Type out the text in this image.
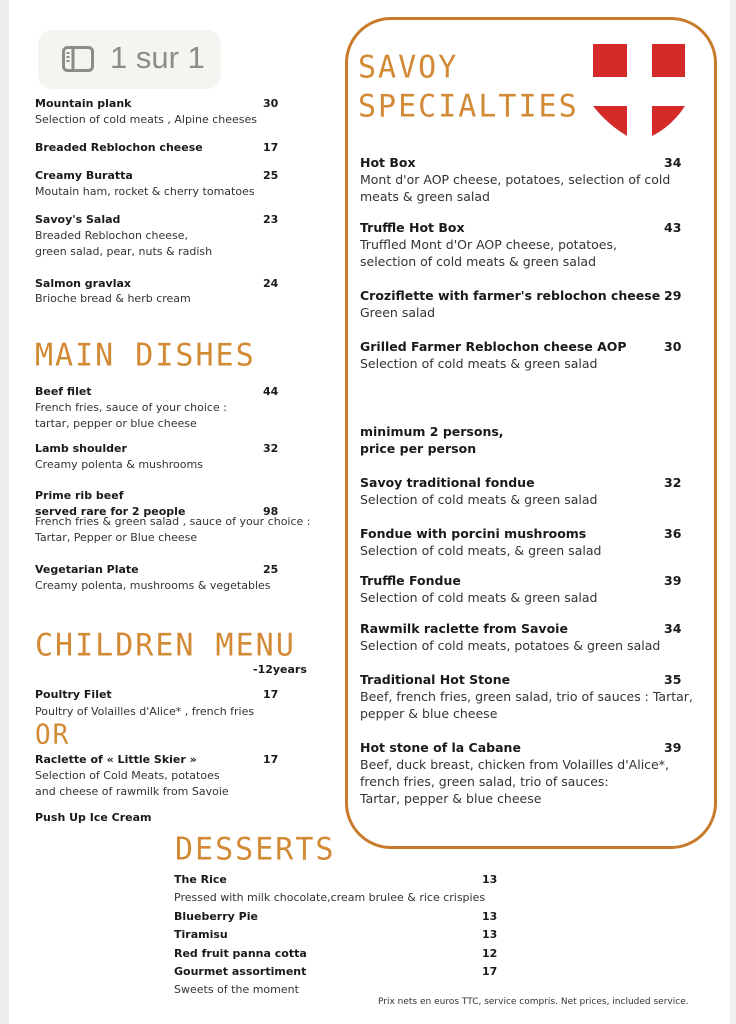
SAVOY
SPECIALTIES
minimum 2 persons,
price per person
MAIN DISHES
CHILDREN MENU
-12years
OR
DESSERTS
Prix nets en euros TTC, service compris. Net prices, included service.
Mountain plank	30
Selection of cold meats , Alpine cheeses
Breaded Reblochon cheese	17
Creamy Buratta	25
Moutain ham, rocket & cherry tomatoes
Savoy's Salad	23
Breaded Reblochon cheese,
green salad, pear, nuts & radish
Salmon gravlax	24
Brioche bread & herb cream
Beef filet	44
French fries, sauce of your choice :
tartar, pepper or blue cheese
Lamb shoulder	32
Creamy polenta & mushrooms
Prime rib beef
served rare for 2 people	98
French fries & green salad , sauce of your choice :
Tartar, Pepper or Blue cheese
Vegetarian Plate	25
Creamy polenta, mushrooms & vegetables
Poultry Filet	17
Poultry of Volailles d'Alice* , french fries
Raclette of « Little Skier »	17
Selection of Cold Meats, potatoes
and cheese of rawmilk from Savoie
Push Up Ice Cream
The Rice	13
Pressed with milk chocolate,cream brulee & rice crispies
Blueberry Pie	13
Tiramisu	13
Red fruit panna cotta	12
Gourmet assortiment	17
Sweets of the moment
Hot Box	34
Mont d'or AOP cheese, potatoes, selection of cold
meats & green salad
Truffle Hot Box	43
Truffled Mont d'Or AOP cheese, potatoes,
selection of cold meats & green salad
Croziflette with farmer's reblochon cheese 29
Green salad
Grilled Farmer Reblochon cheese AOP	30
Selection of cold meats & green salad
Savoy traditional fondue	32
Selection of cold meats & green salad
Fondue with porcini mushrooms	36
Selection of cold meats, & green salad
Truffle Fondue	39
Selection of cold meats & green salad
Rawmilk raclette from Savoie	34
Selection of cold meats, potatoes & green salad
Traditional Hot Stone	35
Beef, french fries, green salad, trio of sauces : Tartar,
pepper & blue cheese
Hot stone of la Cabane	39
Beef, duck breast, chicken from Volailles d'Alice*,
french fries, green salad, trio of sauces:
Tartar, pepper & blue cheese
1 sur 1
